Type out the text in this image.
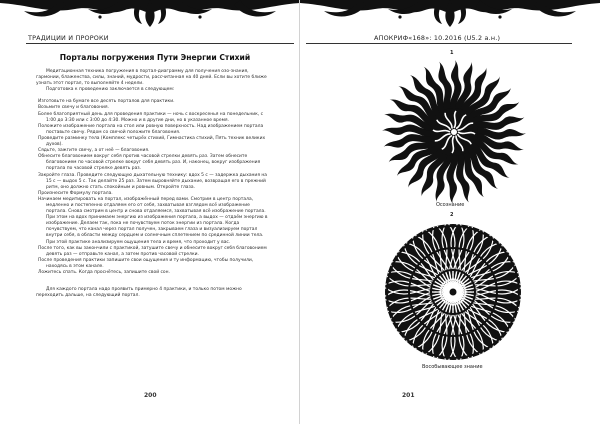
ТРАДИЦИИ И ПРОРОКИ
Порталы погружения Пути Энергии Стихий

Медитационная техника погружения в портал-диаграмму для получения озо-знания, гармонии, блаженства, силы, знаний, мудрости, рассчитанная на 40 дней. Если вы хотите ближе узнать этот портал, то выполняйте 4 недели.

Подготовка к проведению заключается в следующем:

Изготовьте на бумаге все десять порталов для практики.

Возьмите свечу и благовония.

Более благоприятный день для проведения практики — ночь с воскресенья на понедельник, с 1:00 до 3:30 или с 3:00 до 4:30. Можно и в другие дни, но в указанное время.

Положите изображение портала на стол или ровную поверхность. Над изображением портала поставьте свечу. Рядом со свечой положите благовония.

Проведите разминку тела (Комплекс четырёх стихий, Гимнастика стихий, Пять техник великих духов).

Сядьте, зажгите свечу, а от неё — благовония.

Обнесите благовонием вокруг себя против часовой стрелки девять раз. Затем обнесите благовонием по часовой стрелке вокруг себя девять раз. И, наконец, вокруг изображения портала по часовой стрелке девять раз.

Закройте глаза. Проведите следующую дыхательную технику: вдох 5 с — задержка дыхания на 15 с — выдох 5 с. Так делайте 25 раз. Затем выровняйте дыхание, возвращая его в прежний ритм, оно должно стать спокойным и ровным. Откройте глаза.

Произнесите Формулу портала.

Начинаем медитировать на портал, изображённый перед вами. Смотрим в центр портала, медленно и постепенно отдаляем его от себя, захватывая взглядом всё изображение портала. Снова смотрим в центр и снова отдаляемся, захватывая всё изображение портала. При этом на вдох принимаем энергию из изображения портала, а выдох — отдаём энергию в изображение. Делаем так, пока не почувствуем поток энергии из портала. Когда почувствуем, что канал через портал получен, закрываем глаза и визуализируем портал внутри себя, в области между сердцем и солнечным сплетением по срединной линии тела. При этой практике анализируем ощущения тела и время, что проходит у вас.

После того, как вы закончили с практикой, затушите свечу и обнесите вокруг себя благовонием девять раз — отправьте канал, а затем против часовой стрелки.

После проведения практики запишите свои ощущения и ту информацию, чтобы получили, находясь в этом канале.

Ложитесь спать. Когда проснётесь, запишите свой сон.

Для каждого портала надо проявить примерно 4 практики, и только потом можно переходить дальше, на следующий портал.

200
АПОКРИФ«168»: 10.2016 (U5.2 а.н.)
1
Осознание
2
Вособывающее знание
201
